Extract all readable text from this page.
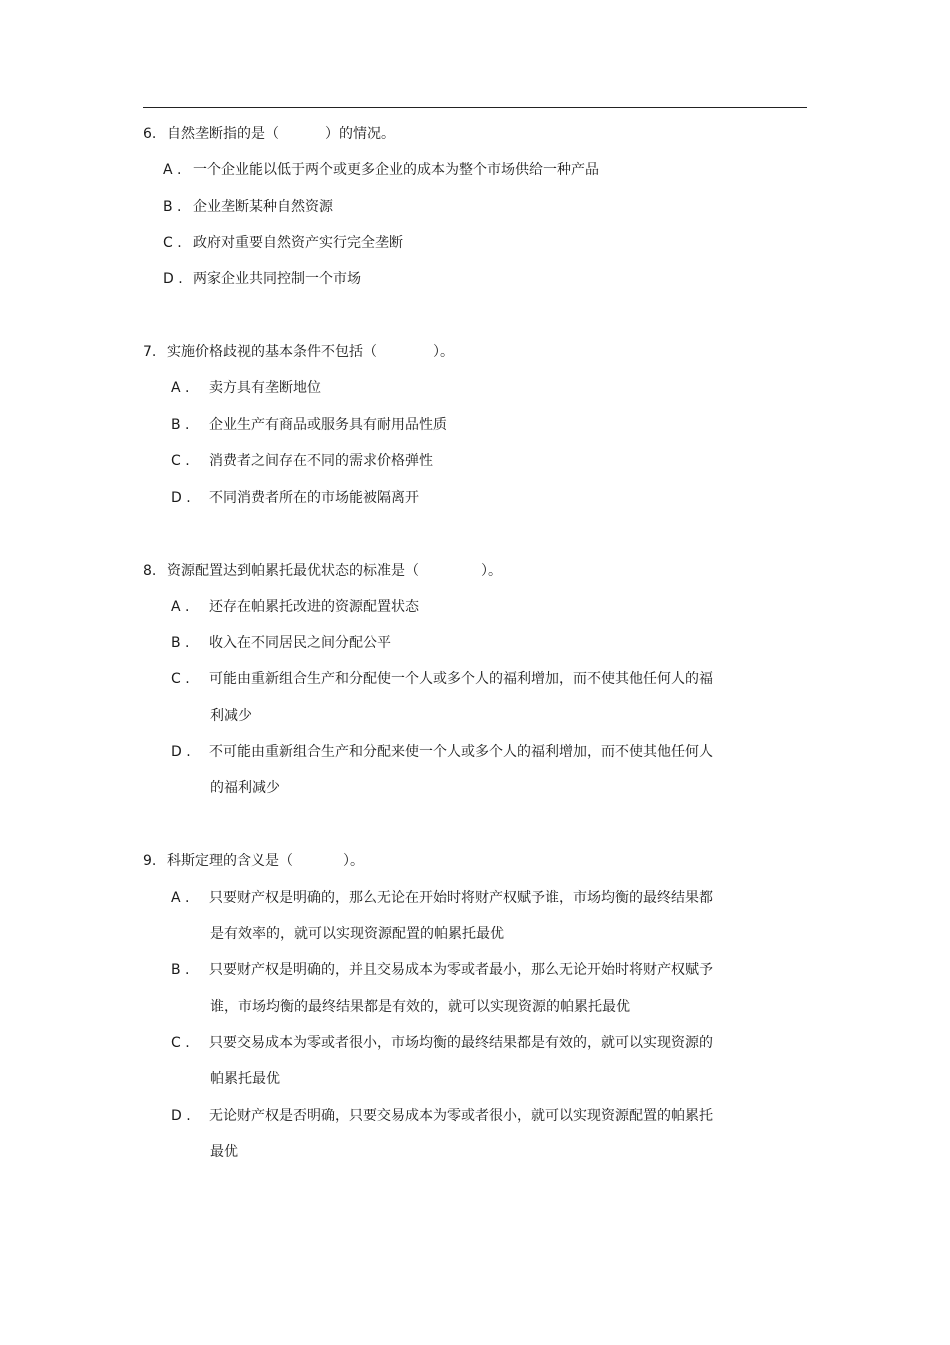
6. 自然垄断指的是（	）的情况。
A . 一个企业能以低于两个或更多企业的成本为整个市场供给一种产品
B . 企业垄断某种自然资源
C . 政府对重要自然资产实行完全垄断
D . 两家企业共同控制一个市场
7. 实施价格歧视的基本条件不包括（	）。
A . 卖方具有垄断地位
B . 企业生产有商品或服务具有耐用品性质
C . 消费者之间存在不同的需求价格弹性
D . 不同消费者所在的市场能被隔离开
8. 资源配置达到帕累托最优状态的标准是（	）。
A . 还存在帕累托改进的资源配置状态
B . 收入在不同居民之间分配公平
C . 可能由重新组合生产和分配使一个人或多个人的福利增加，而不使其他任何人的福
利减少
D . 不可能由重新组合生产和分配来使一个人或多个人的福利增加，而不使其他任何人
的福利减少
9. 科斯定理的含义是（	）。
A . 只要财产权是明确的，那么无论在开始时将财产权赋予谁，市场均衡的最终结果都
是有效率的，就可以实现资源配置的帕累托最优
B . 只要财产权是明确的，并且交易成本为零或者最小，那么无论开始时将财产权赋予
谁，市场均衡的最终结果都是有效的，就可以实现资源的帕累托最优
C . 只要交易成本为零或者很小，市场均衡的最终结果都是有效的，就可以实现资源的
帕累托最优
D . 无论财产权是否明确，只要交易成本为零或者很小，就可以实现资源配置的帕累托
最优
